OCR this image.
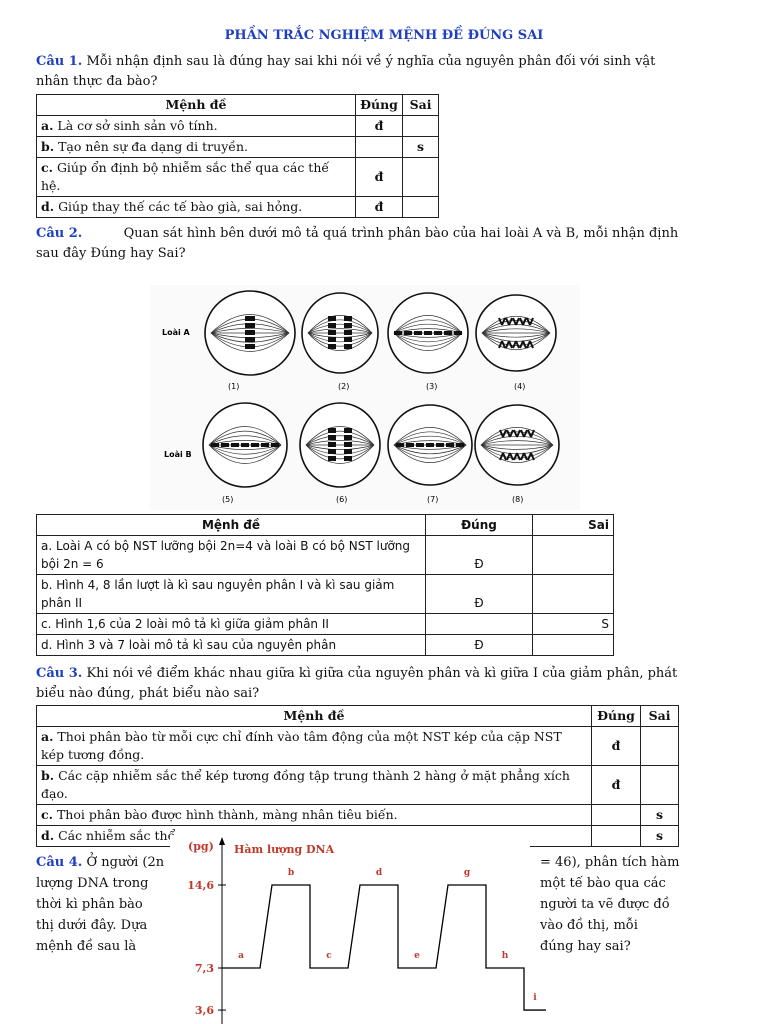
PHẦN TRẮC NGHIỆM MỆNH ĐỀ ĐÚNG SAI
Câu 1. Mỗi nhận định sau là đúng hay sai khi nói về ý nghĩa của nguyên phân đối với sinh vật nhân thực đa bào?
Mệnh đề	Đúng	Sai
a. Là cơ sở sinh sản vô tính.	đ	
b. Tạo nên sự đa dạng di truyền.		s
c. Giúp ổn định bộ nhiễm sắc thể qua các thế hệ.	đ	
d. Giúp thay thế các tế bào già, sai hỏng.	đ	
Câu 2.          Quan sát hình bên dưới mô tả quá trình phân bào của hai loài A và B, mỗi nhận định sau đây Đúng hay Sai?
Loài A
Loài B
(1)	(2)	(3)	(4)
(5)	(6)	(7)	(8)
Mệnh đề	Đúng	Sai
a. Loài A có bộ NST lưỡng bội 2n=4 và loài B có bộ NST lưỡng bội 2n = 6	Đ	
b. Hình 4, 8 lần lượt là kì sau nguyên phân I và kì sau giảm phân II	Đ	
c. Hình 1,6 của 2 loài mô tả kì giữa giảm phân II		S
d. Hình 3 và 7 loài mô tả kì sau của nguyên phân	Đ	
Câu 3. Khi nói về điểm khác nhau giữa kì giữa của nguyên phân và kì giữa I của giảm phân, phát biểu nào đúng, phát biểu nào sai?
Mệnh đề	Đúng	Sai
a. Thoi phân bào từ mỗi cực chỉ đính vào tâm động của một NST kép của cặp NST kép tương đồng.	đ	
b. Các cặp nhiễm sắc thể kép tương đồng tập trung thành 2 hàng ở mặt phẳng xích đạo.	đ	
c. Thoi phân bào được hình thành, màng nhân tiêu biến.		s
d. Các nhiễm sắc thể		s
Câu 4. Ở người (2n
lượng DNA trong
thời kì phân bào
thị dưới đây. Dựa
mệnh đề sau là
= 46), phân tích hàm
một tế bào qua các
người ta vẽ được đồ
vào đồ thị, mỗi
đúng hay sai?
(pg) Hàm lượng DNA
14,6
7,3
3,6
a
b
c
d
e
g
h
i
